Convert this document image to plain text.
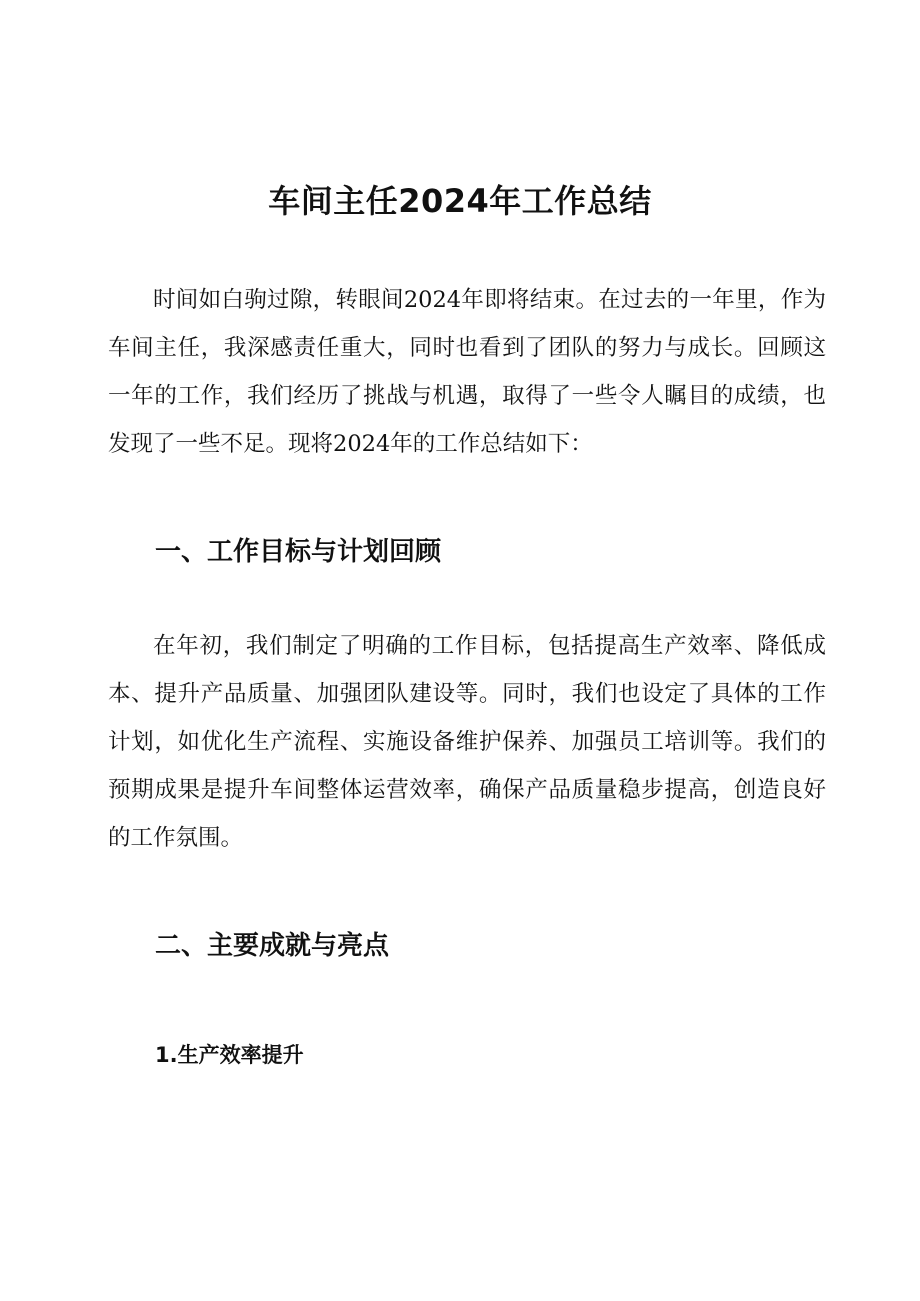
车间主任2024年工作总结

时间如白驹过隙，转眼间2024年即将结束。在过去的一年里，作为车间主任，我深感责任重大，同时也看到了团队的努力与成长。回顾这一年的工作，我们经历了挑战与机遇，取得了一些令人瞩目的成绩，也发现了一些不足。现将2024年的工作总结如下：

一、工作目标与计划回顾

在年初，我们制定了明确的工作目标，包括提高生产效率、降低成本、提升产品质量、加强团队建设等。同时，我们也设定了具体的工作计划，如优化生产流程、实施设备维护保养、加强员工培训等。我们的预期成果是提升车间整体运营效率，确保产品质量稳步提高，创造良好的工作氛围。

二、主要成就与亮点
1.生产效率提升
